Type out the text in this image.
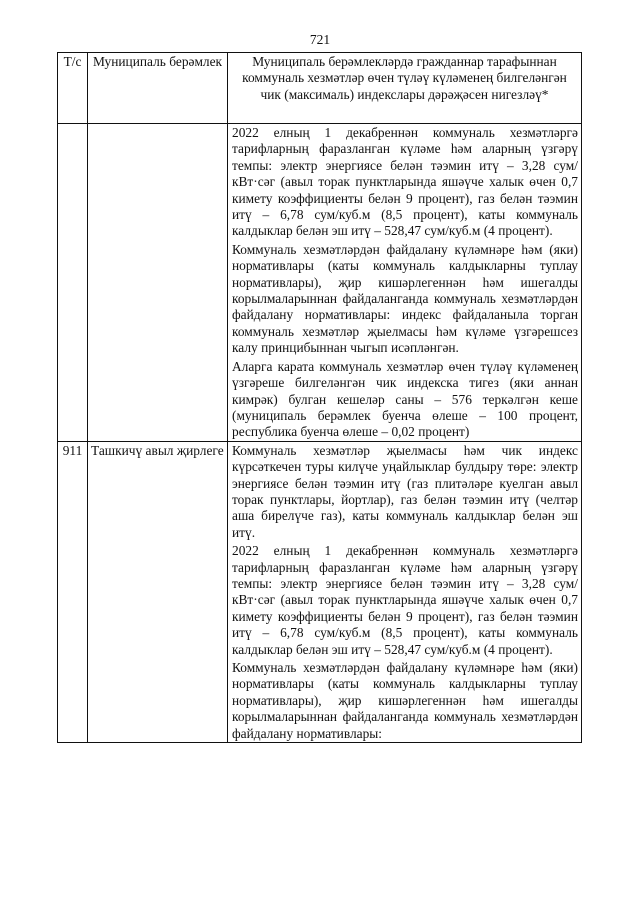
721
Т/с	Муниципаль берәмлек	Муниципаль берәмлекләрдә гражданнар тарафыннан коммуналь хезмәтләр өчен түләү күләменең билгеләнгән чик (максималь) индекслары дәрәҗәсен нигезләү*

		2022 елның 1 декабреннән коммуналь хезмәтләргә тарифларның фаразланган күләме һәм аларның үзгәрү темпы: электр энергиясе белән тәэмин итү – 3,28 сум/кВт·сәг (авыл торак пунктларында яшәүче халык өчен 0,7 кимету коэффициенты белән 9 процент), газ белән тәэмин итү – 6,78 сум/куб.м (8,5 процент), каты коммуналь калдыклар белән эш итү – 528,47 сум/куб.м (4 процент).

Коммуналь хезмәтләрдән файдалану күләмнәре һәм (яки) нормативлары (каты коммуналь калдыкларны туплау нормативлары), җир кишәрлегеннән һәм ишегалды корылмаларыннан файдаланганда коммуналь хезмәтләрдән файдалану нормативлары: индекс файдаланыла торган коммуналь хезмәтләр җыелмасы һәм күләме үзгәрешсез калу принцибыннан чыгып исәпләнгән.

Аларга карата коммуналь хезмәтләр өчен түләү күләменең үзгәреше билгеләнгән чик индекска тигез (яки аннан кимрәк) булган кешеләр саны – 576 теркәлгән кеше (муниципаль берәмлек буенча өлеше – 100 процент, республика буенча өлеше – 0,02 процент)

911	Ташкичү авыл җирлеге	Коммуналь хезмәтләр җыелмасы һәм чик индекс күрсәткечен туры килүче уңайлыклар булдыру төре: электр энергиясе белән тәэмин итү (газ плитәләре куелган авыл торак пунктлары, йортлар), газ белән тәэмин итү (челтәр аша бирелүче газ), каты коммуналь калдыклар белән эш итү.

2022 елның 1 декабреннән коммуналь хезмәтләргә тарифларның фаразланган күләме һәм аларның үзгәрү темпы: электр энергиясе белән тәэмин итү – 3,28 сум/кВт·сәг (авыл торак пунктларында яшәүче халык өчен 0,7 кимету коэффициенты белән 9 процент), газ белән тәэмин итү – 6,78 сум/куб.м (8,5 процент), каты коммуналь калдыклар белән эш итү – 528,47 сум/куб.м (4 процент).

Коммуналь хезмәтләрдән файдалану күләмнәре һәм (яки) нормативлары (каты коммуналь калдыкларны туплау нормативлары), җир кишәрлегеннән һәм ишегалды корылмаларыннан файдаланганда коммуналь хезмәтләрдән файдалану нормативлары:
